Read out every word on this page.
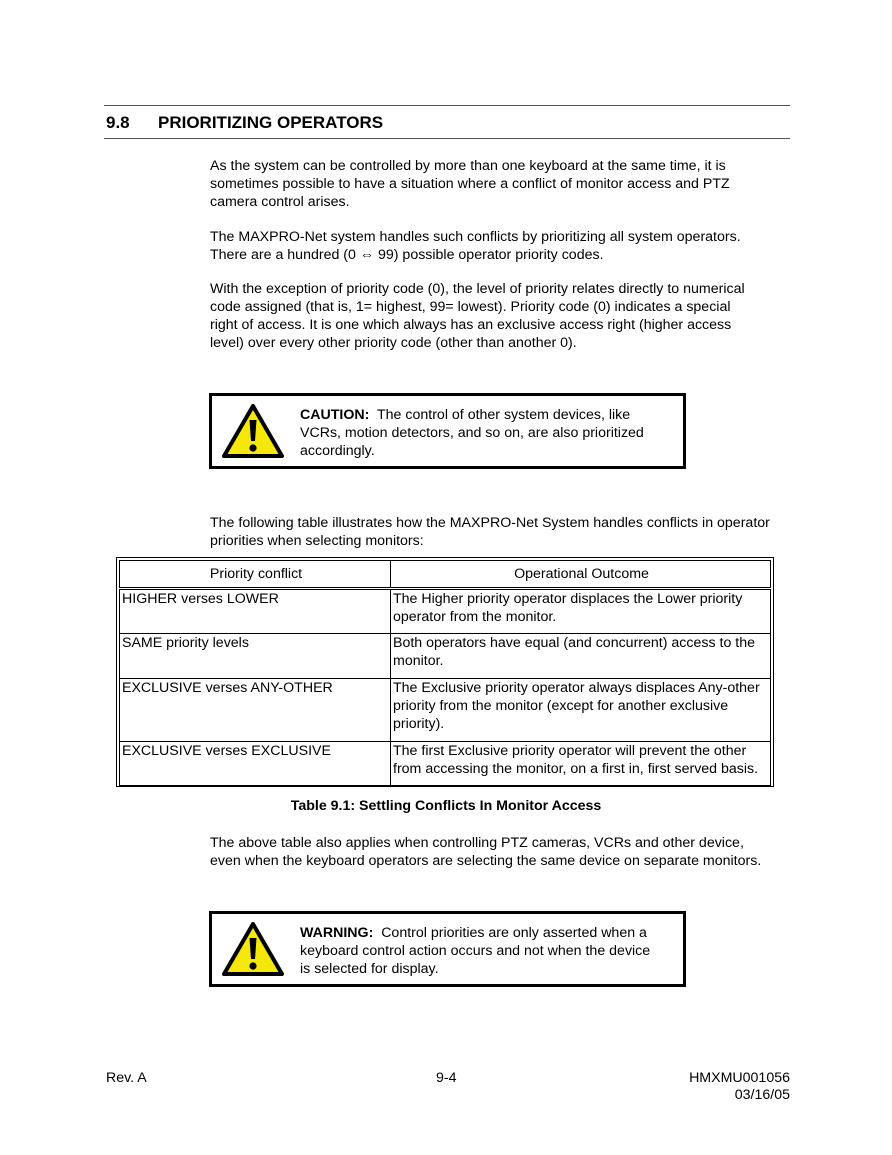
9.8 PRIORITIZING OPERATORS

As the system can be controlled by more than one keyboard at the same time, it is
sometimes possible to have a situation where a conflict of monitor access and PTZ
camera control arises.

The MAXPRO-Net system handles such conflicts by prioritizing all system operators.
There are a hundred (0 ⇔ 99) possible operator priority codes.

With the exception of priority code (0), the level of priority relates directly to numerical
code assigned (that is, 1= highest, 99= lowest). Priority code (0) indicates a special
right of access. It is one which always has an exclusive access right (higher access
level) over every other priority code (other than another 0).

CAUTION: The control of other system devices, like
VCRs, motion detectors, and so on, are also prioritized
accordingly.

The following table illustrates how the MAXPRO-Net System handles conflicts in operator
priorities when selecting monitors:

Priority conflict	Operational Outcome
HIGHER verses LOWER	The Higher priority operator displaces the Lower priority
operator from the monitor.

SAME priority levels	Both operators have equal (and concurrent) access to the
monitor.

EXCLUSIVE verses ANY-OTHER	The Exclusive priority operator always displaces Any-other
priority from the monitor (except for another exclusive
priority).

EXCLUSIVE verses EXCLUSIVE	The first Exclusive priority operator will prevent the other
from accessing the monitor, on a first in, first served basis.
Table 9.1: Settling Conflicts In Monitor Access

The above table also applies when controlling PTZ cameras, VCRs and other device,
even when the keyboard operators are selecting the same device on separate monitors.

WARNING: Control priorities are only asserted when a
keyboard control action occurs and not when the device
is selected for display.
Rev. A	9-4	HMXMU001056
03/16/05
